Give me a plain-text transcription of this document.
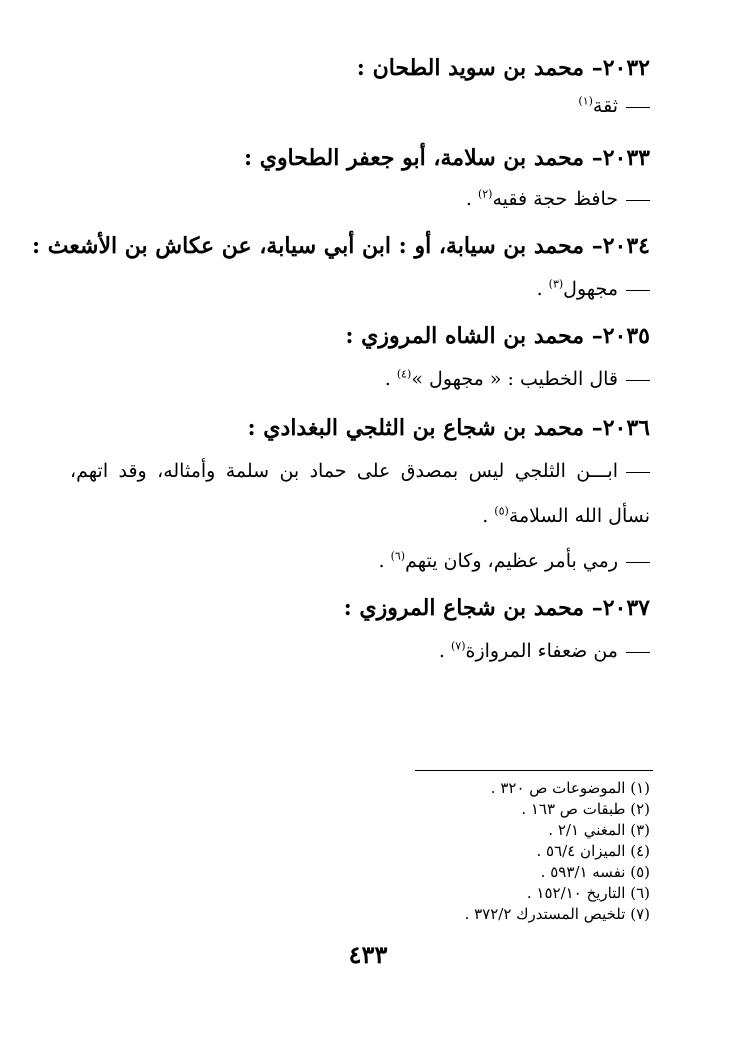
٢٠٣٢– محمد بن سويد الطحان :
ثقة$^{(١)}$
٢٠٣٣– محمد بن سلامة، أبو جعفر الطحاوي :
حافظ حجة فقيه$^{(٢)}$ .
٢٠٣٤– محمد بن سيابة، أو : ابن أبي سيابة، عن عكاش بن الأشعث :
مجهول$^{(٣)}$ .
٢٠٣٥– محمد بن الشاه المروزي :
قال الخطيب : « مجهول »$^{(٤)}$ .
٢٠٣٦– محمد بن شجاع بن الثلجي البغدادي :
ابـــن الثلجي ليس بمصدق على حماد بن سلمة وأمثاله، وقد اتهم،
نسأل الله السلامة$^{(٥)}$ .
رمي بأمر عظيم، وكان يتهم$^{(٦)}$ .
٢٠٣٧– محمد بن شجاع المروزي :
من ضعفاء المروازة$^{(٧)}$ .
(١) الموضوعات ص ٣٢٠ .
(٢) طبقات ص ١٦٣ .
(٣) المغني ٢/١ .
(٤) الميزان ٥٦/٤ .
(٥) نفسه ٥٩٣/١ .
(٦) التاريخ ١٥٢/١٠ .
(٧) تلخيص المستدرك ٣٧٢/٢ .
٤٣٣
